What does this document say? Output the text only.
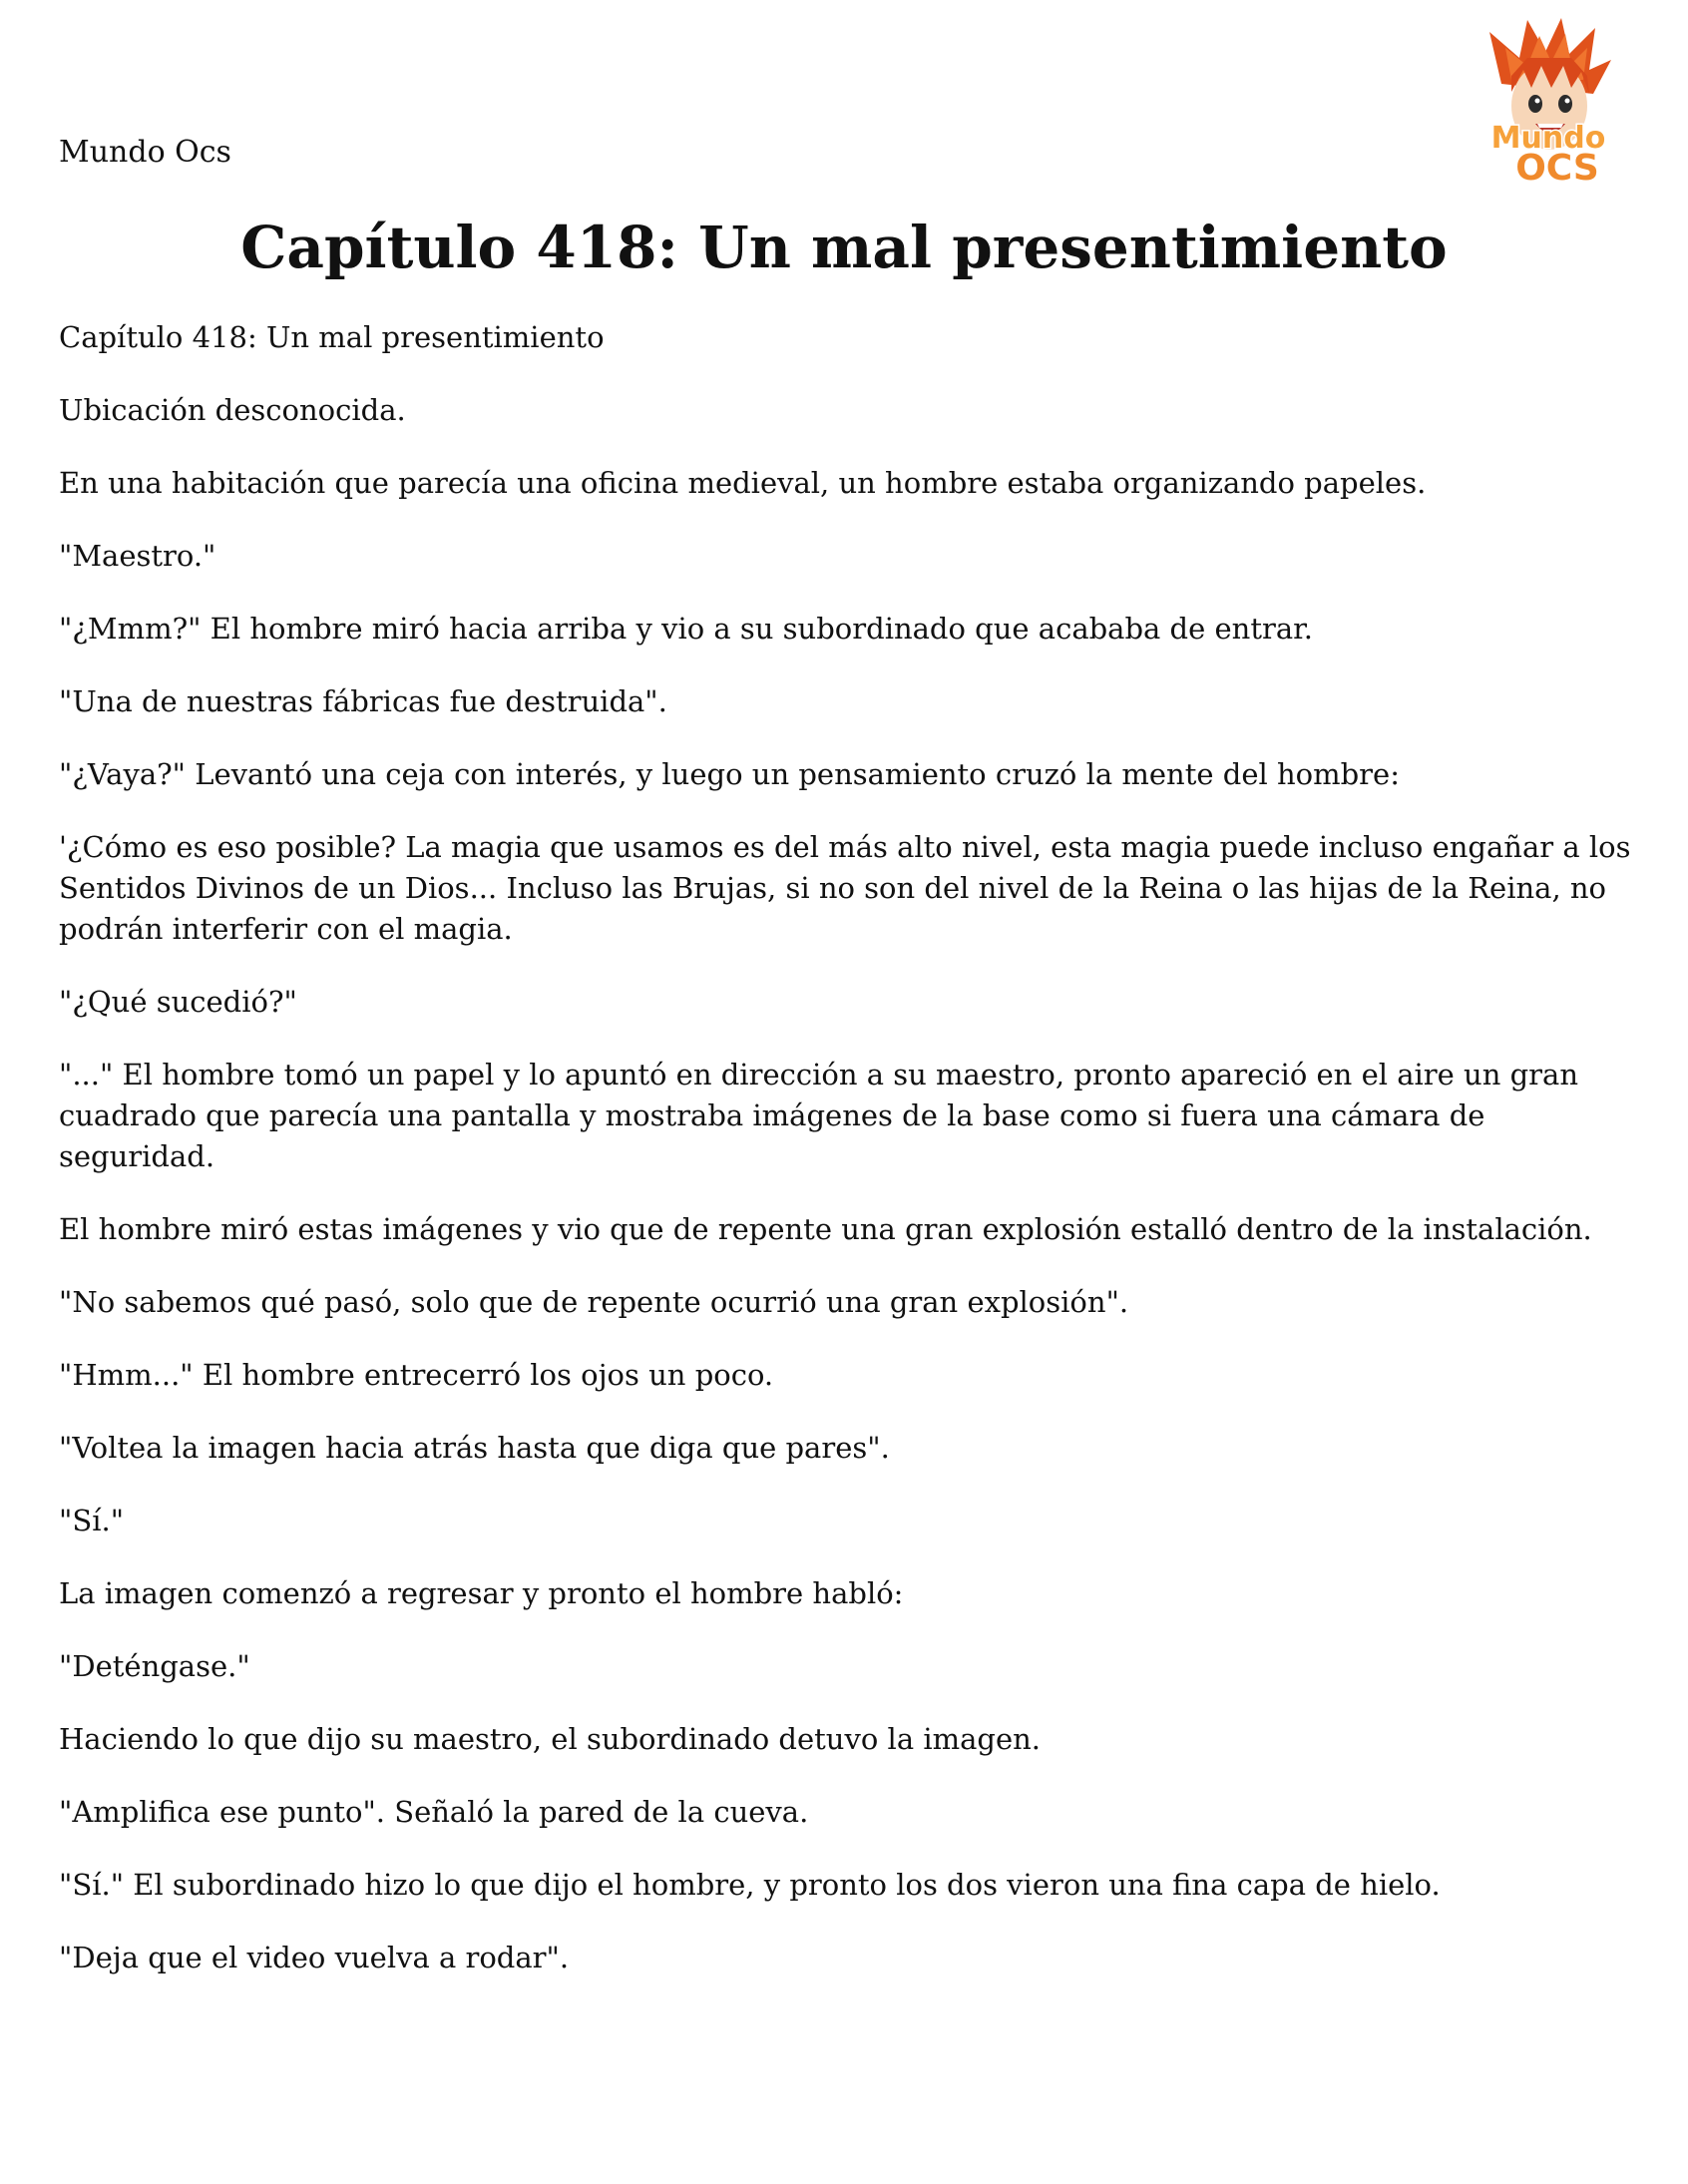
Mundo Ocs	Mundo
OCS
Capítulo 418: Un mal presentimiento

Capítulo 418: Un mal presentimiento

Ubicación desconocida.

En una habitación que parecía una oficina medieval, un hombre estaba organizando papeles.

"Maestro."

"¿Mmm?" El hombre miró hacia arriba y vio a su subordinado que acababa de entrar.

"Una de nuestras fábricas fue destruida".

"¿Vaya?" Levantó una ceja con interés, y luego un pensamiento cruzó la mente del hombre:

'¿Cómo es eso posible? La magia que usamos es del más alto nivel, esta magia puede incluso engañar a los Sentidos Divinos de un Dios... Incluso las Brujas, si no son del nivel de la Reina o las hijas de la Reina, no podrán interferir con el magia.

"¿Qué sucedió?"

"..." El hombre tomó un papel y lo apuntó en dirección a su maestro, pronto apareció en el aire un gran cuadrado que parecía una pantalla y mostraba imágenes de la base como si fuera una cámara de seguridad.

El hombre miró estas imágenes y vio que de repente una gran explosión estalló dentro de la instalación.

"No sabemos qué pasó, solo que de repente ocurrió una gran explosión".

"Hmm..." El hombre entrecerró los ojos un poco.

"Voltea la imagen hacia atrás hasta que diga que pares".

"Sí."

La imagen comenzó a regresar y pronto el hombre habló:

"Deténgase."

Haciendo lo que dijo su maestro, el subordinado detuvo la imagen.

"Amplifica ese punto". Señaló la pared de la cueva.

"Sí." El subordinado hizo lo que dijo el hombre, y pronto los dos vieron una fina capa de hielo.

"Deja que el video vuelva a rodar".
